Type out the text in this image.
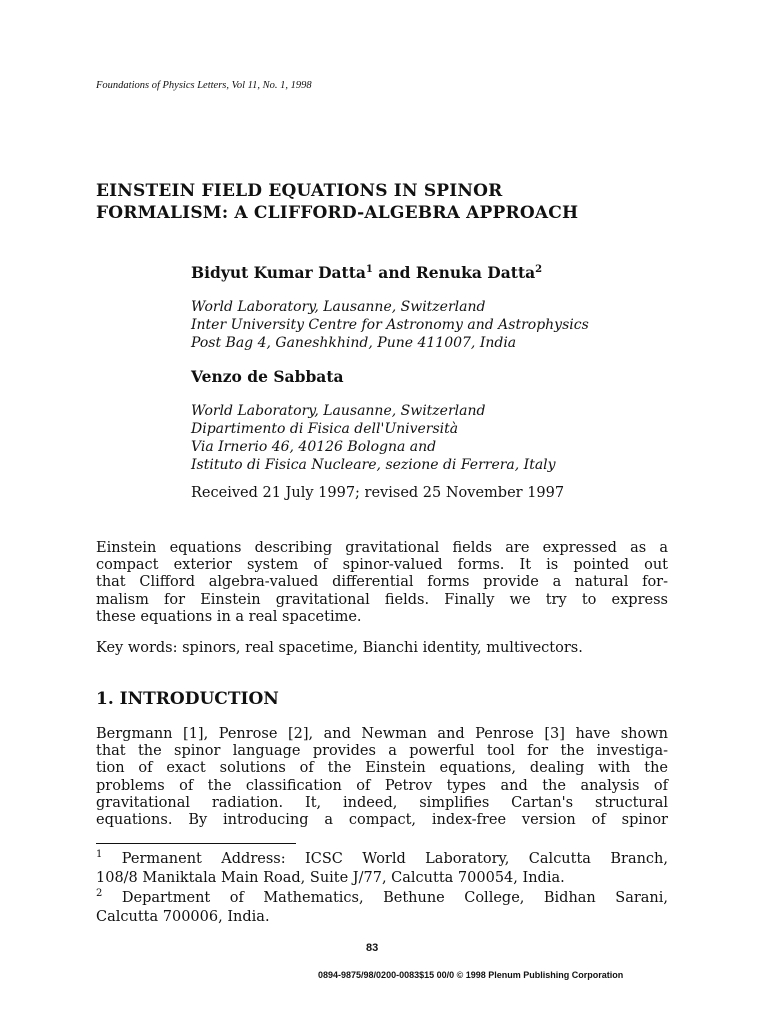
Foundations of Physics Letters, Vol 11, No. 1, 1998
EINSTEIN FIELD EQUATIONS IN SPINOR
FORMALISM: A CLIFFORD-ALGEBRA APPROACH
Bidyut Kumar Datta$^1$ and Renuka Datta$^2$
World Laboratory, Lausanne, Switzerland
Inter University Centre for Astronomy and Astrophysics
Post Bag 4, Ganeshkhind, Pune 411007, India
Venzo de Sabbata
World Laboratory, Lausanne, Switzerland
Dipartimento di Fisica dell'Università
Via Irnerio 46, 40126 Bologna and
Istituto di Fisica Nucleare, sezione di Ferrera, Italy
Received 21 July 1997; revised 25 November 1997
Einstein equations describing gravitational fields are expressed as a
compact exterior system of spinor-valued forms. It is pointed out
that Clifford algebra-valued differential forms provide a natural for-
malism for Einstein gravitational fields. Finally we try to express
these equations in a real spacetime.
Key words: spinors, real spacetime, Bianchi identity, multivectors.
1. INTRODUCTION
Bergmann [1], Penrose [2], and Newman and Penrose [3] have shown
that the spinor language provides a powerful tool for the investiga-
tion of exact solutions of the Einstein equations, dealing with the
problems of the classification of Petrov types and the analysis of
gravitational radiation. It, indeed, simplifies Cartan's structural
equations. By introducing a compact, index-free version of spinor
$^1$ Permanent Address: ICSC World Laboratory, Calcutta Branch,
108/8 Maniktala Main Road, Suite J/77, Calcutta 700054, India.
$^2$ Department of Mathematics, Bethune College, Bidhan Sarani,
Calcutta 700006, India.
83
0894-9875/98/0200-0083$15 00/0 © 1998 Plenum Publishing Corporation
